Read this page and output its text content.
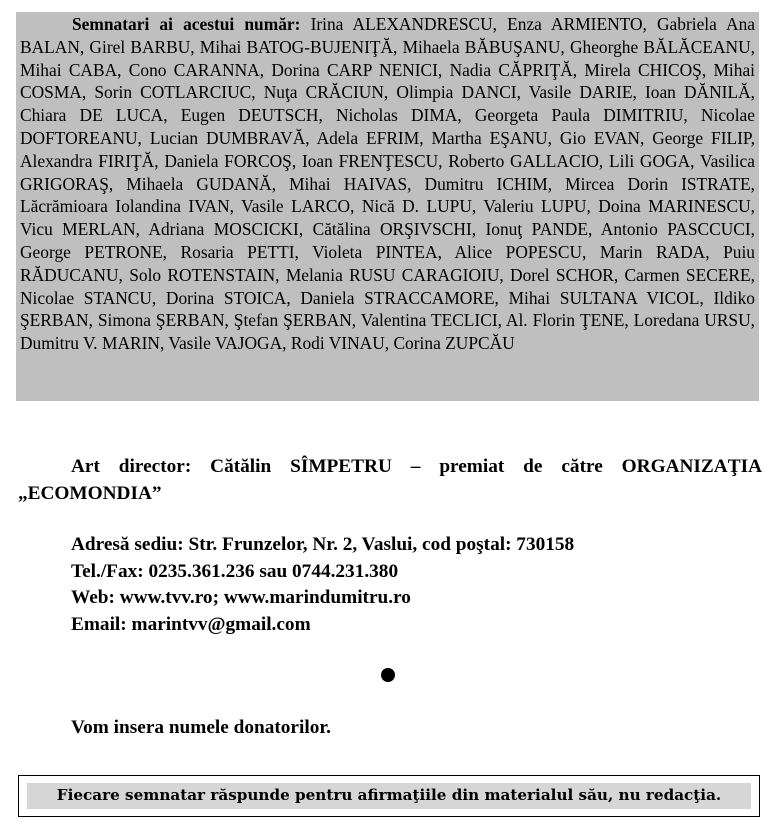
Semnatari ai acestui număr: Irina ALEXANDRESCU, Enza ARMIENTO, Gabriela Ana BALAN, Girel BARBU, Mihai BATOG-BUJENIŢĂ, Mihaela BĂBUŞANU, Gheorghe BĂLĂCEANU, Mihai CABA, Cono CARANNA, Dorina CARP NENICI, Nadia CĂPRIŢĂ, Mirela CHICOŞ, Mihai COSMA, Sorin COTLARCIUC, Nuţa CRĂCIUN, Olimpia DANCI, Vasile DARIE, Ioan DĂNILĂ, Chiara DE LUCA, Eugen DEUTSCH, Nicholas DIMA, Georgeta Paula DIMITRIU, Nicolae DOFTOREANU, Lucian DUMBRAVĂ, Adela EFRIM, Martha EŞANU, Gio EVAN, George FILIP, Alexandra FIRIŢĂ, Daniela FORCOŞ, Ioan FRENŢESCU, Roberto GALLACIO, Lili GOGA, Vasilica GRIGORAŞ, Mihaela GUDANĂ, Mihai HAIVAS, Dumitru ICHIM, Mircea Dorin ISTRATE, Lăcrămioara Iolandina IVAN, Vasile LARCO, Nică D. LUPU, Valeriu LUPU, Doina MARINESCU, Vicu MERLAN, Adriana MOSCICKI, Cătălina ORŞIVSCHI, Ionuţ PANDE, Antonio PASCCUCI, George PETRONE, Rosaria PETTI, Violeta PINTEA, Alice POPESCU, Marin RADA, Puiu RĂDUCANU, Solo ROTENSTAIN, Melania RUSU CARAGIOIU, Dorel SCHOR, Carmen SECERE, Nicolae STANCU, Dorina STOICA, Daniela STRACCAMORE, Mihai SULTANA VICOL, Ildiko ŞERBAN, Simona ŞERBAN, Ştefan ŞERBAN, Valentina TECLICI, Al. Florin ŢENE, Loredana URSU, Dumitru V. MARIN, Vasile VAJOGA, Rodi VINAU, Corina ZUPCĂU
Art director: Cătălin SÎMPETRU – premiat de către ORGANIZAŢIA „ECOMONDIA”
Adresă sediu: Str. Frunzelor, Nr. 2, Vaslui, cod poştal: 730158
Tel./Fax: 0235.361.236 sau 0744.231.380
Web: www.tvv.ro; www.marindumitru.ro
Email: marintvv@gmail.com
Vom insera numele donatorilor.
Fiecare semnatar răspunde pentru afirmaţiile din materialul său, nu redacţia.
